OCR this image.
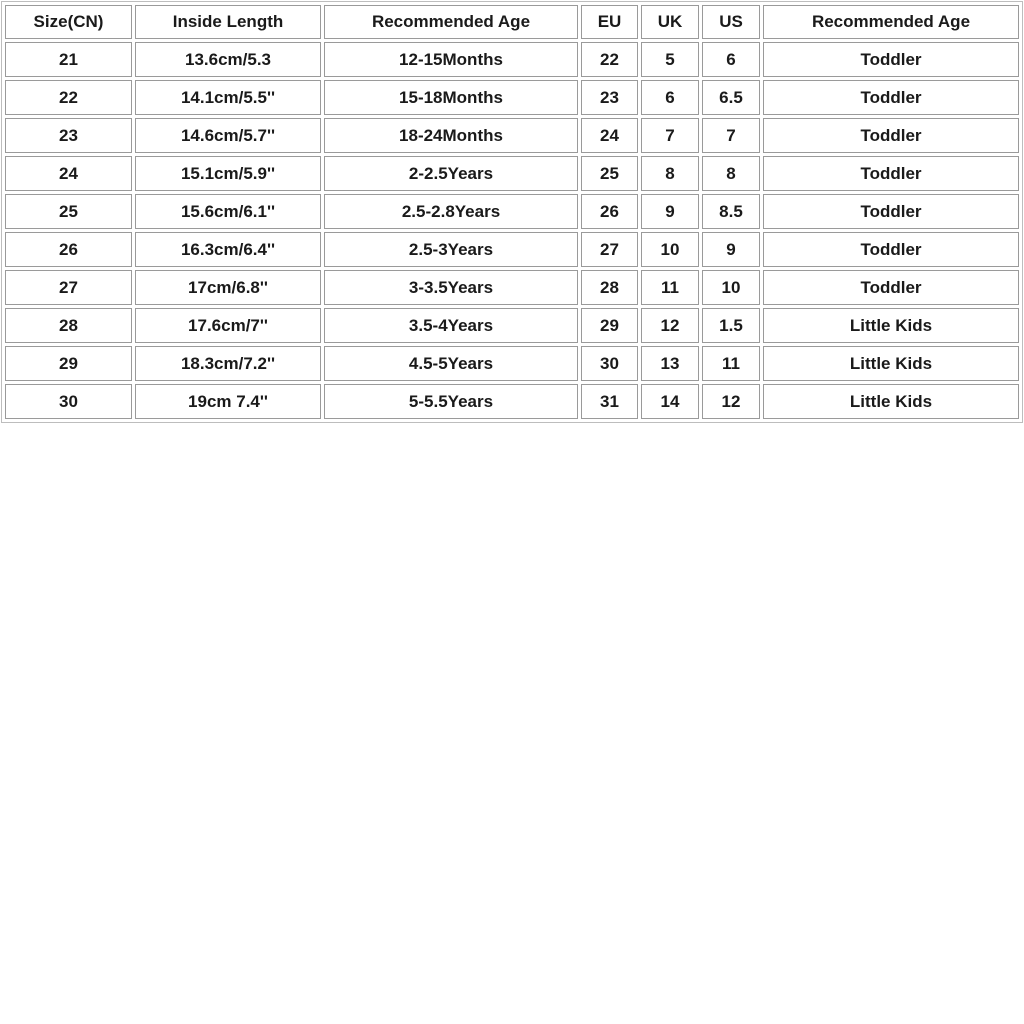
Size(CN)	Inside Length	Recommended Age	EU	UK	US	Recommended Age
21	13.6cm/5.3	12-15Months	22	5	6	Toddler
22	14.1cm/5.5''	15-18Months	23	6	6.5	Toddler
23	14.6cm/5.7''	18-24Months	24	7	7	Toddler
24	15.1cm/5.9''	2-2.5Years	25	8	8	Toddler
25	15.6cm/6.1''	2.5-2.8Years	26	9	8.5	Toddler
26	16.3cm/6.4''	2.5-3Years	27	10	9	Toddler
27	17cm/6.8''	3-3.5Years	28	11	10	Toddler
28	17.6cm/7''	3.5-4Years	29	12	1.5	Little Kids
29	18.3cm/7.2''	4.5-5Years	30	13	11	Little Kids
30	19cm 7.4''	5-5.5Years	31	14	12	Little Kids
